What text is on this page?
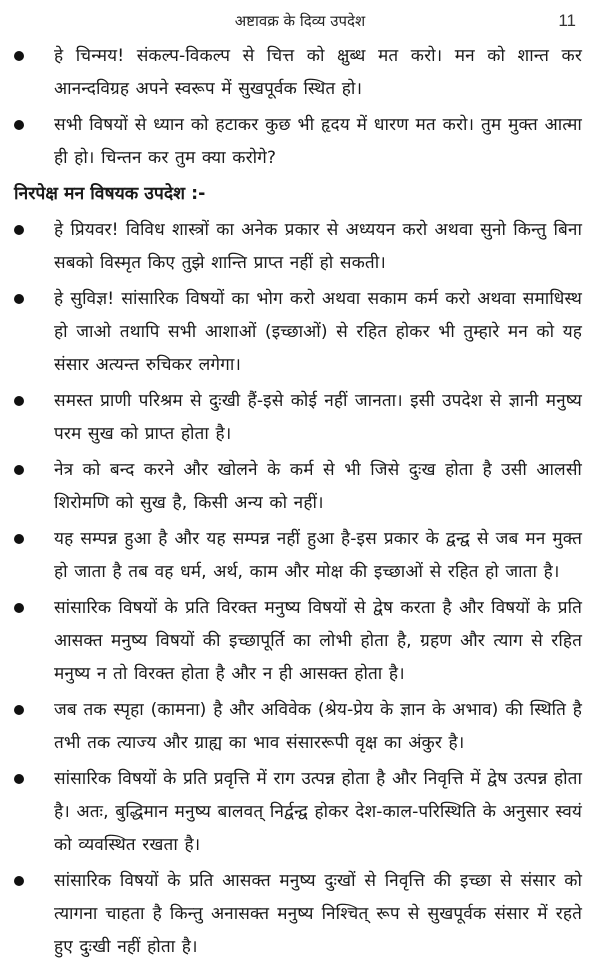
अष्टावक्र के दिव्य उपदेश	11
हे चिन्मय! संकल्प-विकल्प से चित्त को क्षुब्ध मत करो। मन को शान्त कर आनन्दविग्रह अपने स्वरूप में सुखपूर्वक स्थित हो।
सभी विषयों से ध्यान को हटाकर कुछ भी हृदय में धारण मत करो। तुम मुक्त आत्मा ही हो। चिन्तन कर तुम क्या करोगे?
निरपेक्ष मन विषयक उपदेश :-
हे प्रियवर! विविध शास्त्रों का अनेक प्रकार से अध्ययन करो अथवा सुनो किन्तु बिना सबको विस्मृत किए तुझे शान्ति प्राप्त नहीं हो सकती।
हे सुविज्ञ! सांसारिक विषयों का भोग करो अथवा सकाम कर्म करो अथवा समाधिस्थ हो जाओ तथापि सभी आशाओं (इच्छाओं) से रहित होकर भी तुम्हारे मन को यह संसार अत्यन्त रुचिकर लगेगा।
समस्त प्राणी परिश्रम से दुःखी हैं-इसे कोई नहीं जानता। इसी उपदेश से ज्ञानी मनुष्य परम सुख को प्राप्त होता है।
नेत्र को बन्द करने और खोलने के कर्म से भी जिसे दुःख होता है उसी आलसी शिरोमणि को सुख है, किसी अन्य को नहीं।
यह सम्पन्न हुआ है और यह सम्पन्न नहीं हुआ है-इस प्रकार के द्वन्द्व से जब मन मुक्त हो जाता है तब वह धर्म, अर्थ, काम और मोक्ष की इच्छाओं से रहित हो जाता है।
सांसारिक विषयों के प्रति विरक्त मनुष्य विषयों से द्वेष करता है और विषयों के प्रति आसक्त मनुष्य विषयों की इच्छापूर्ति का लोभी होता है, ग्रहण और त्याग से रहित मनुष्य न तो विरक्त होता है और न ही आसक्त होता है।
जब तक स्पृहा (कामना) है और अविवेक (श्रेय-प्रेय के ज्ञान के अभाव) की स्थिति है तभी तक त्याज्य और ग्राह्य का भाव संसाररूपी वृक्ष का अंकुर है।
सांसारिक विषयों के प्रति प्रवृत्ति में राग उत्पन्न होता है और निवृत्ति में द्वेष उत्पन्न होता है। अतः, बुद्धिमान मनुष्य बालवत् निर्द्वन्द्व होकर देश-काल-परिस्थिति के अनुसार स्वयं को व्यवस्थित रखता है।
सांसारिक विषयों के प्रति आसक्त मनुष्य दुःखों से निवृत्ति की इच्छा से संसार को त्यागना चाहता है किन्तु अनासक्त मनुष्य निश्चित् रूप से सुखपूर्वक संसार में रहते हुए दुःखी नहीं होता है।
